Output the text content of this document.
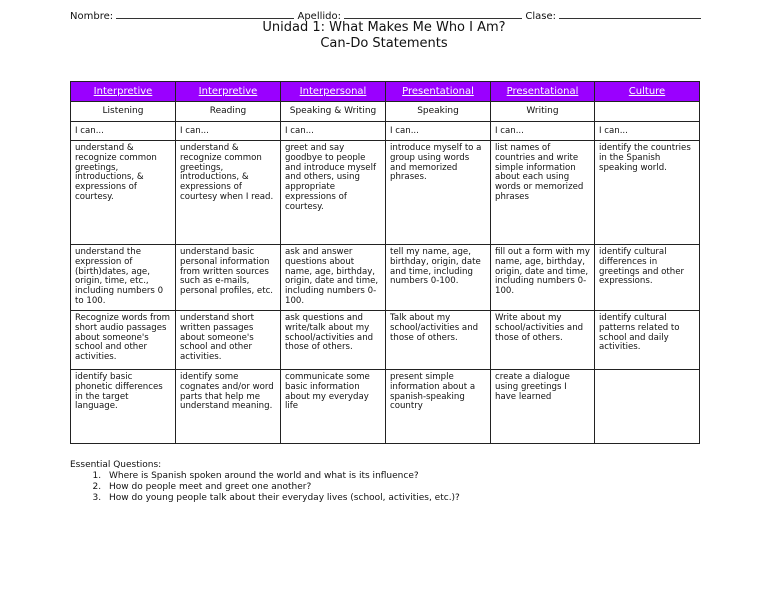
Nombre:	Apellido:	Clase:
Unidad 1: What Makes Me Who I Am?
Can-Do Statements
Interpretive	Interpretive	Interpersonal	Presentational	Presentational	Culture
Listening	Reading	Speaking & Writing	Speaking	Writing	
I can...	I can...	I can...	I can...	I can...	I can...
understand & recognize common greetings, introductions, & expressions of courtesy.	understand & recognize common greetings, introductions, & expressions of courtesy when I read.	greet and say goodbye to people and introduce myself and others, using appropriate expressions of courtesy.	introduce myself to a group using words and memorized phrases.	list names of countries and write simple information about each using words or memorized phrases	identify the countries in the Spanish speaking world.
understand the expression of (birth)dates, age, origin, time, etc., including numbers 0 to 100.	understand basic personal information from written sources such as e-mails, personal profiles, etc.	ask and answer questions about name, age, birthday, origin, date and time, including numbers 0-100.	tell my name, age, birthday, origin, date and time, including numbers 0-100.	fill out a form with my name, age, birthday, origin, date and time, including numbers 0-100.	identify cultural differences in greetings and other expressions.
Recognize words from short audio passages about someone's school and other activities.	understand short written passages about someone's school and other activities.	ask questions and write/talk about my school/activities and those of others.	Talk about my school/activities and those of others.	Write about my school/activities and those of others.	identify cultural patterns related to school and daily activities.
identify basic phonetic differences in the target language.	identify some cognates and/or word parts that help me understand meaning.	communicate some basic information about my everyday life	present simple information about a spanish-speaking country	create a dialogue using greetings I have learned	
Essential Questions:
1. Where is Spanish spoken around the world and what is its influence?
2. How do people meet and greet one another?
3. How do young people talk about their everyday lives (school, activities, etc.)?
